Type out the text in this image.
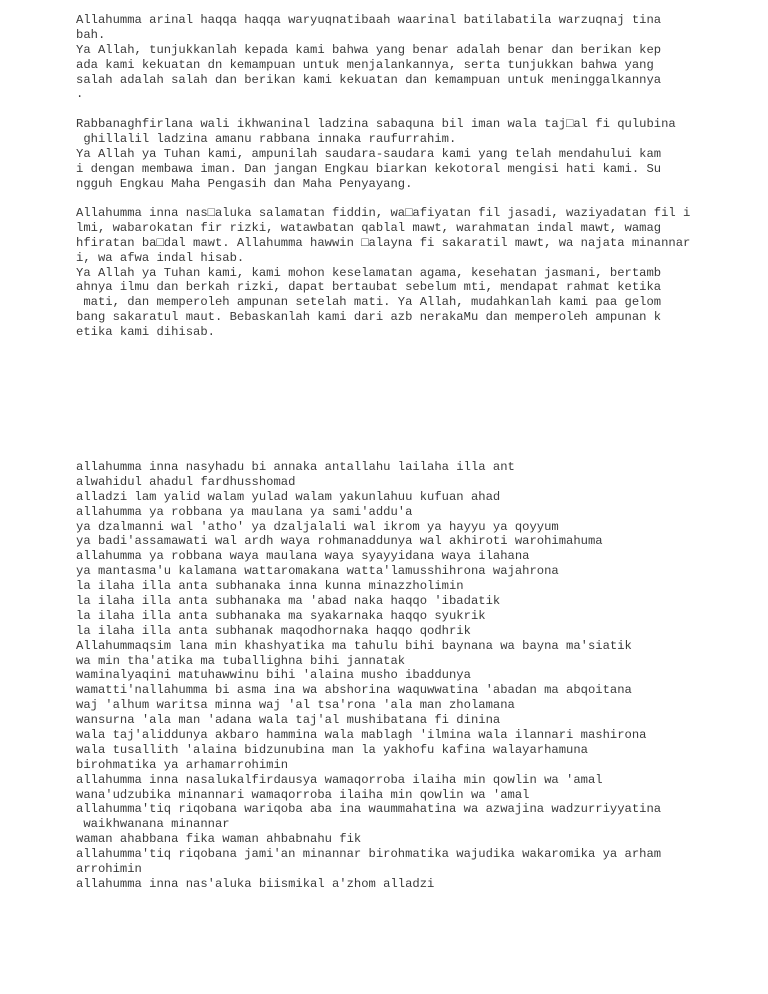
Allahumma arinal haqqa haqqa waryuqnatibaah waarinal batilabatila warzuqnaj tina
bah.
Ya Allah, tunjukkanlah kepada kami bahwa yang benar adalah benar dan berikan kep
ada kami kekuatan dn kemampuan untuk menjalankannya, serta tunjukkan bahwa yang
salah adalah salah dan berikan kami kekuatan dan kemampuan untuk meninggalkannya
.
Rabbanaghfirlana wali ikhwaninal ladzina sabaquna bil iman wala taj□al fi qulubina
ghillalil ladzina amanu rabbana innaka raufurrahim.
Ya Allah ya Tuhan kami, ampunilah saudara-saudara kami yang telah mendahului kam
i dengan membawa iman. Dan jangan Engkau biarkan kekotoral mengisi hati kami. Su
ngguh Engkau Maha Pengasih dan Maha Penyayang.
Allahumma inna nas□aluka salamatan fiddin, wa□afiyatan fil jasadi, waziyadatan fil i
lmi, wabarokatan fir rizki, watawbatan qablal mawt, warahmatan indal mawt, wamag
hfiratan ba□dal mawt. Allahumma hawwin □alayna fi sakaratil mawt, wa najata minannar
i, wa afwa indal hisab.
Ya Allah ya Tuhan kami, kami mohon keselamatan agama, kesehatan jasmani, bertamb
ahnya ilmu dan berkah rizki, dapat bertaubat sebelum mti, mendapat rahmat ketika
mati, dan memperoleh ampunan setelah mati. Ya Allah, mudahkanlah kami paa gelom
bang sakaratul maut. Bebaskanlah kami dari azb nerakaMu dan memperoleh ampunan k
etika kami dihisab.
allahumma inna nasyhadu bi annaka antallahu lailaha illa ant
alwahidul ahadul fardhusshomad
alladzi lam yalid walam yulad walam yakunlahuu kufuan ahad
allahumma ya robbana ya maulana ya sami'addu'a
ya dzalmanni wal 'atho' ya dzaljalali wal ikrom ya hayyu ya qoyyum
ya badi'assamawati wal ardh waya rohmanaddunya wal akhiroti warohimahuma
allahumma ya robbana waya maulana waya syayyidana waya ilahana
ya mantasma'u kalamana wattaromakana watta'lamusshihrona wajahrona
la ilaha illa anta subhanaka inna kunna minazzholimin
la ilaha illa anta subhanaka ma 'abad naka haqqo 'ibadatik
la ilaha illa anta subhanaka ma syakarnaka haqqo syukrik
la ilaha illa anta subhanak maqodhornaka haqqo qodhrik
Allahummaqsim lana min khashyatika ma tahulu bihi baynana wa bayna ma'siatik
wa min tha'atika ma tuballighna bihi jannatak
waminalyaqini matuhawwinu bihi 'alaina musho ibaddunya
wamatti'nallahumma bi asma ina wa abshorina waquwwatina 'abadan ma abqoitana
waj 'alhum waritsa minna waj 'al tsa'rona 'ala man zholamana
wansurna 'ala man 'adana wala taj'al mushibatana fi dinina
wala taj'aliddunya akbaro hammina wala mablagh 'ilmina wala ilannari mashirona
wala tusallith 'alaina bidzunubina man la yakhofu kafina walayarhamuna
birohmatika ya arhamarrohimin
allahumma inna nasalukalfirdausya wamaqorroba ilaiha min qowlin wa 'amal
wana'udzubika minannari wamaqorroba ilaiha min qowlin wa 'amal
allahumma'tiq riqobana wariqoba aba ina waummahatina wa azwajina wadzurriyyatina
waikhwanana minannar
waman ahabbana fika waman ahbabnahu fik
allahumma'tiq riqobana jami'an minannar birohmatika wajudika wakaromika ya arham
arrohimin
allahumma inna nas'aluka biismikal a'zhom alladzi
